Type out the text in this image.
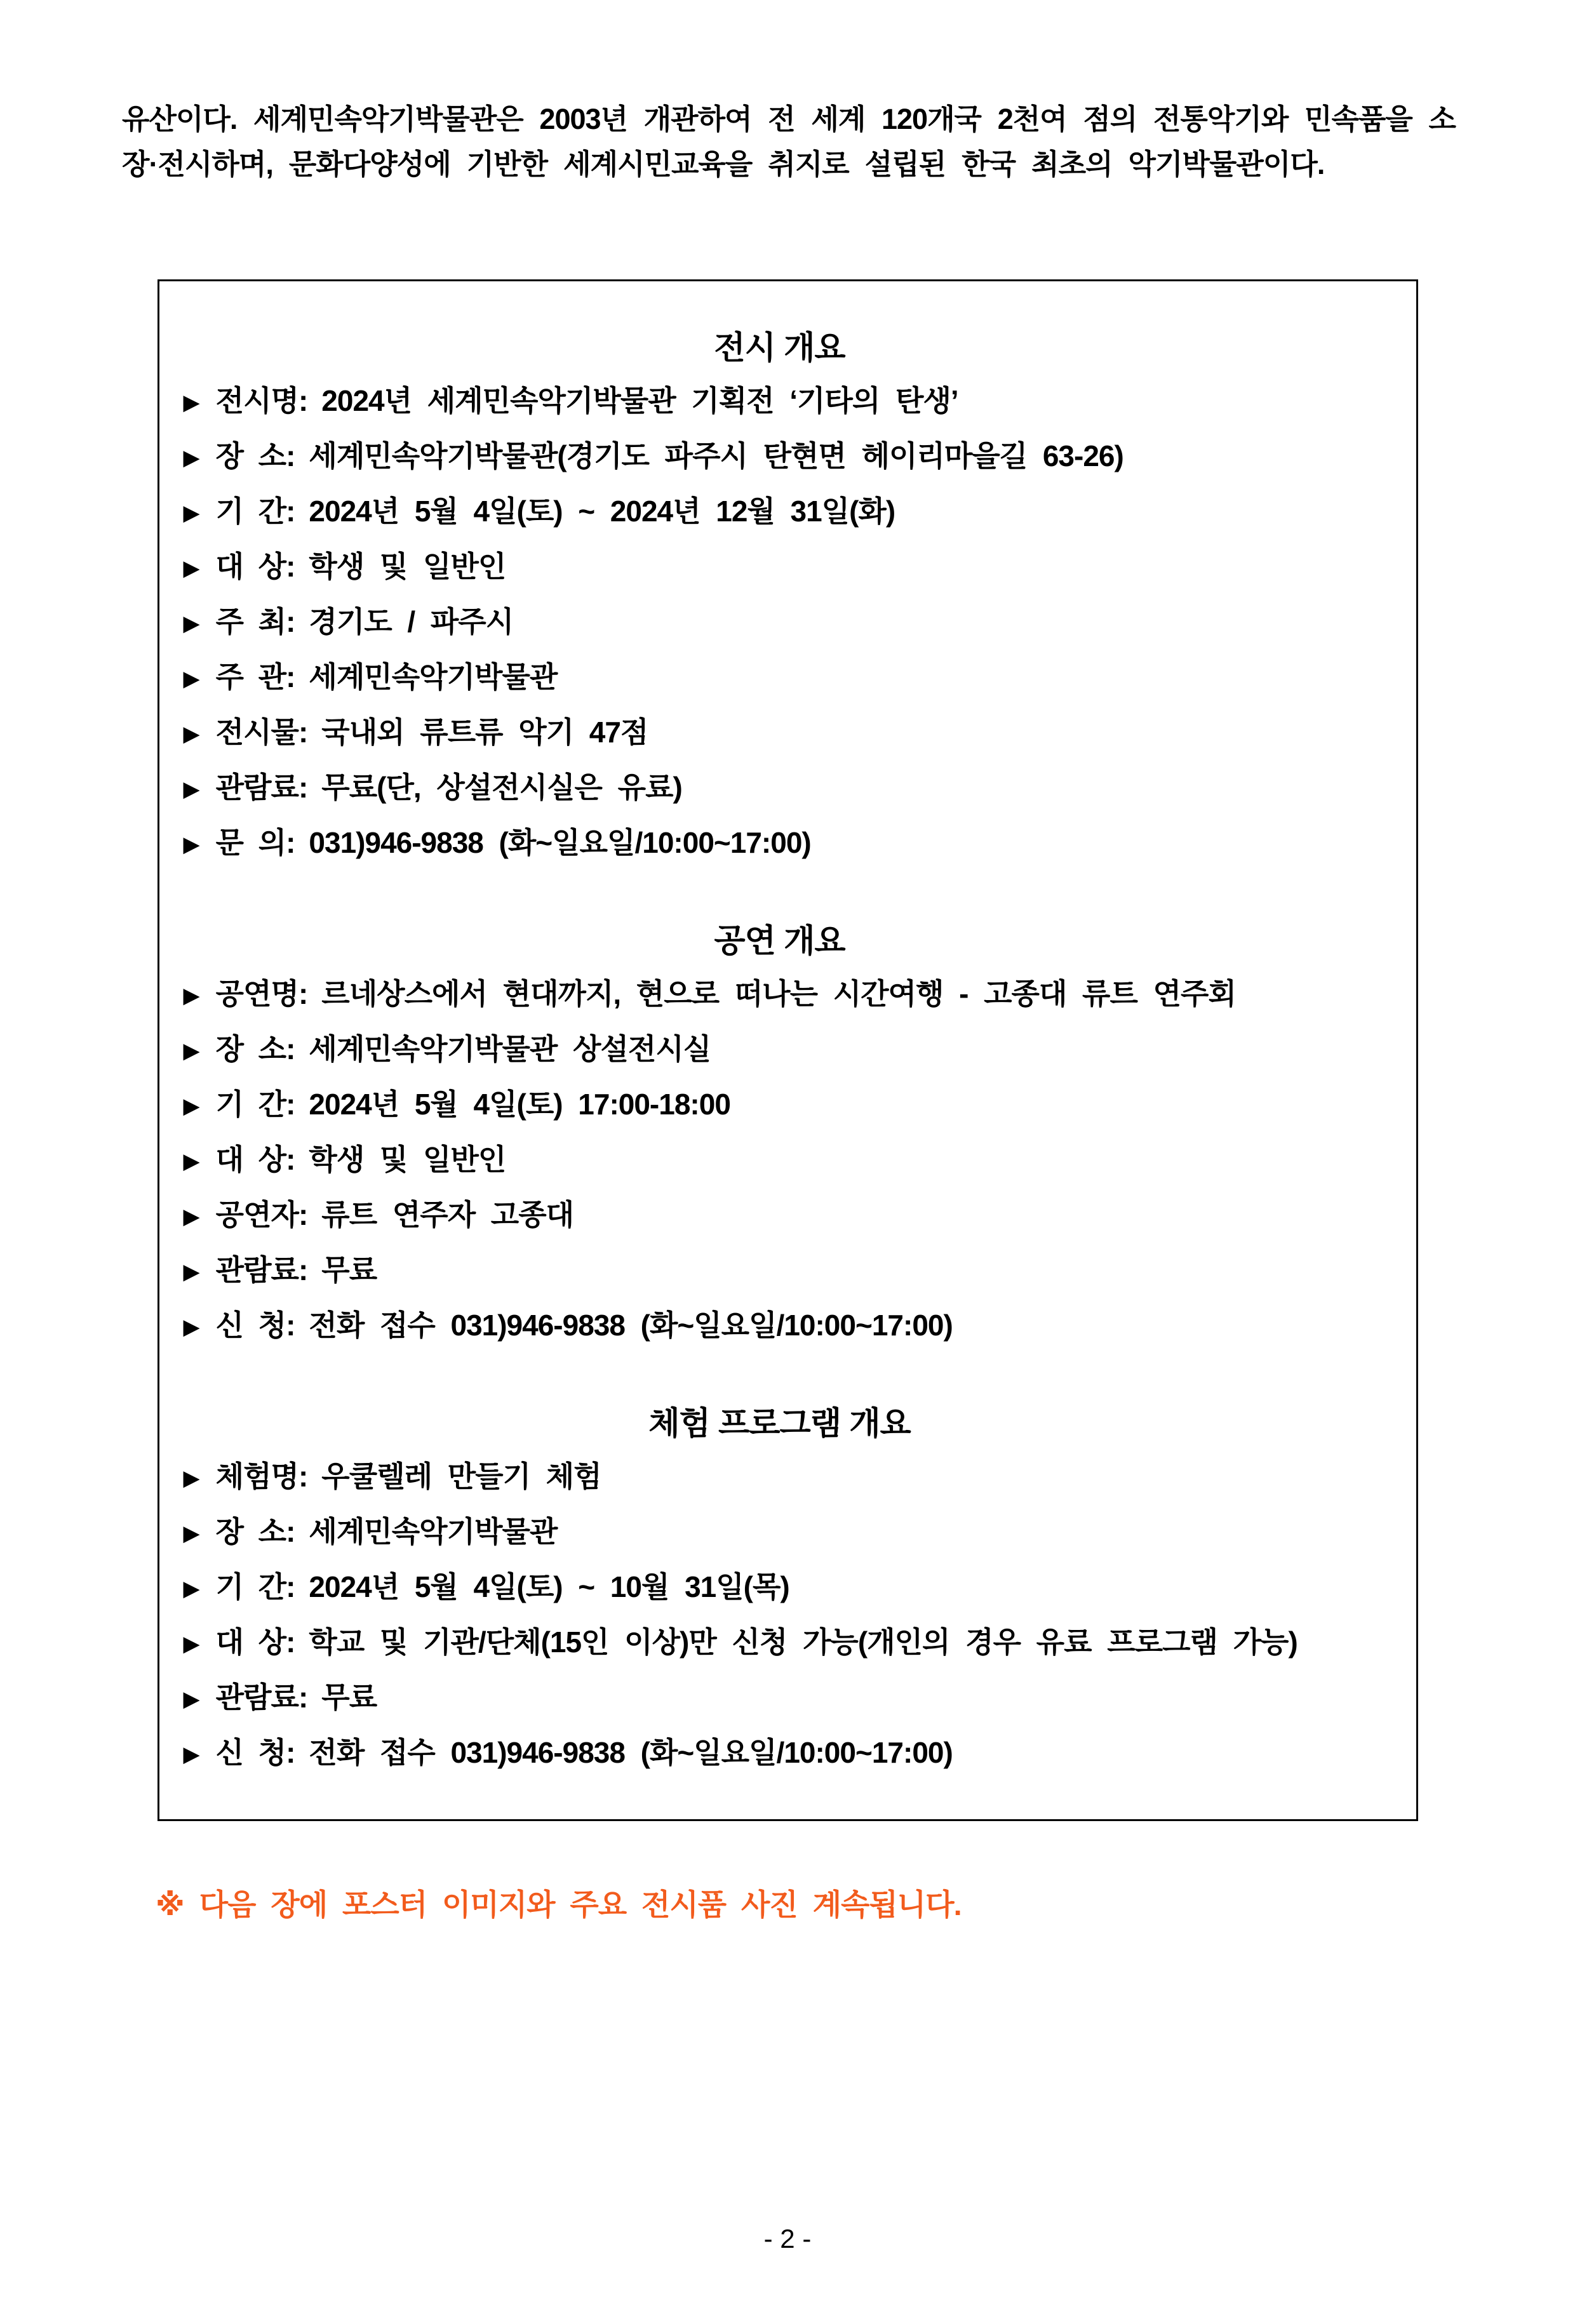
유산이다. 세계민속악기박물관은 2003년 개관하여 전 세계 120개국 2천여 점의 전통악기와 민속품을 소장·전시하며, 문화다양성에 기반한 세계시민교육을 취지로 설립된 한국 최초의 악기박물관이다.
전시 개요
▶ 전시명: 2024년 세계민속악기박물관 기획전 ‘기타의 탄생’
▶ 장  소: 세계민속악기박물관(경기도 파주시 탄현면 헤이리마을길 63-26)
▶ 기  간: 2024년 5월 4일(토) ~ 2024년 12월 31일(화)
▶ 대  상: 학생 및 일반인
▶ 주  최: 경기도 / 파주시
▶ 주  관: 세계민속악기박물관
▶ 전시물: 국내외 류트류 악기 47점
▶ 관람료: 무료(단, 상설전시실은 유료)
▶ 문  의: 031)946-9838 (화~일요일/10:00~17:00)
공연 개요
▶ 공연명: 르네상스에서 현대까지, 현으로 떠나는 시간여행 - 고종대 류트 연주회
▶ 장  소: 세계민속악기박물관 상설전시실
▶ 기  간: 2024년 5월 4일(토) 17:00-18:00
▶ 대  상: 학생 및 일반인
▶ 공연자: 류트 연주자 고종대
▶ 관람료: 무료
▶ 신  청: 전화 접수 031)946-9838 (화~일요일/10:00~17:00)
체험 프로그램 개요
▶ 체험명: 우쿨렐레 만들기 체험
▶ 장  소: 세계민속악기박물관
▶ 기  간: 2024년 5월 4일(토) ~ 10월 31일(목)
▶ 대  상: 학교 및 기관/단체(15인 이상)만 신청 가능(개인의 경우 유료 프로그램 가능)
▶ 관람료: 무료
▶ 신  청: 전화 접수 031)946-9838 (화~일요일/10:00~17:00)
※ 다음 장에 포스터 이미지와 주요 전시품 사진 계속됩니다.
- 2 -
